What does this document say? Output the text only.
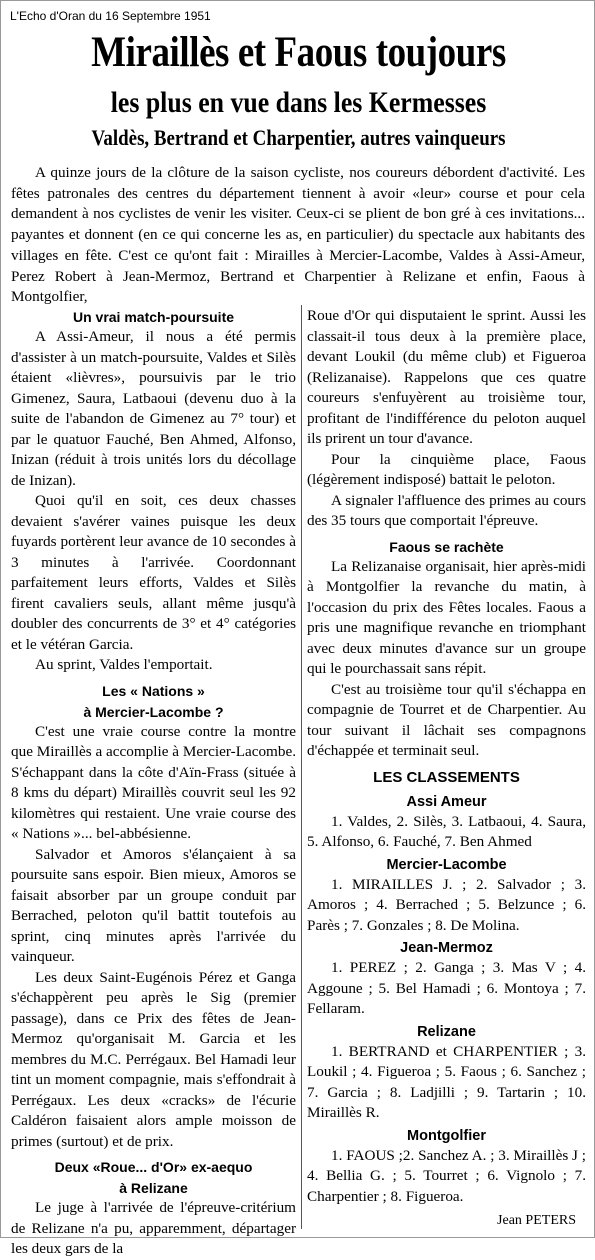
L'Echo d'Oran du 16 Septembre 1951
Miraillès et Faous toujours
les plus en vue dans les Kermesses
Valdès, Bertrand et Charpentier, autres vainqueurs
A quinze jours de la clôture de la saison cycliste, nos coureurs débordent d'activité. Les fêtes patronales des centres du département tiennent à avoir «leur» course et pour cela demandent à nos cyclistes de venir les visiter. Ceux-ci se plient de bon gré à ces invitations... payantes et donnent (en ce qui concerne les as, en particulier) du spectacle aux habitants des villages en fête. C'est ce qu'ont fait : Mirailles à Mercier-Lacombe, Valdes à Assi-Ameur, Perez Robert à Jean-Mermoz, Bertrand et Charpentier à Relizane et enfin, Faous à Montgolfier,
Un vrai match-poursuite

A Assi-Ameur, il nous a été permis d'assister à un match-poursuite, Valdes et Silès étaient «lièvres», poursuivis par le trio Gimenez, Saura, Latbaoui (devenu duo à la suite de l'abandon de Gimenez au 7° tour) et par le quatuor Fauché, Ben Ahmed, Alfonso, Inizan (réduit à trois unités lors du décollage de Inizan).

Quoi qu'il en soit, ces deux chasses devaient s'avérer vaines puisque les deux fuyards portèrent leur avance de 10 secondes à 3 minutes à l'arrivée. Coordonnant parfaitement leurs efforts, Valdes et Silès firent cavaliers seuls, allant même jusqu'à doubler des concurrents de 3° et 4° catégories et le vétéran Garcia.

Au sprint, Valdes l'emportait.

Les « Nations »
à Mercier-Lacombe ?

C'est une vraie course contre la montre que Miraillès a accomplie à Mercier-Lacombe. S'échappant dans la côte d'Aïn-Frass (située à 8 kms du départ) Miraillès couvrit seul les 92 kilomètres qui restaient. Une vraie course des « Nations »... bel-abbésienne.

Salvador et Amoros s'élançaient à sa poursuite sans espoir. Bien mieux, Amoros se faisait absorber par un groupe conduit par Berrached, peloton qu'il battit toutefois au sprint, cinq minutes après l'arrivée du vainqueur.

Les deux Saint-Eugénois Pérez et Ganga s'échappèrent peu après le Sig (premier passage), dans ce Prix des fêtes de Jean-Mermoz qu'organisait M. Garcia et les membres du M.C. Perrégaux. Bel Hamadi leur tint un moment compagnie, mais s'effondrait à Perrégaux. Les deux «cracks» de l'écurie Caldéron faisaient alors ample moisson de primes (surtout) et de prix.

Deux «Roue... d'Or» ex-aequo
à Relizane

Le juge à l'arrivée de l'épreuve-critérium de Relizane n'a pu, apparemment, départager les deux gars de la

Roue d'Or qui disputaient le sprint. Aussi les classait-il tous deux à la première place, devant Loukil (du même club) et Figueroa (Relizanaise). Rappelons que ces quatre coureurs s'enfuyèrent au troisième tour, profitant de l'indifférence du peloton auquel ils prirent un tour d'avance.

Pour la cinquième place, Faous (légèrement indisposé) battait le peloton.

A signaler l'affluence des primes au cours des 35 tours que comportait l'épreuve.

Faous se rachète

La Relizanaise organisait, hier après-midi à Montgolfier la revanche du matin, à l'occasion du prix des Fêtes locales. Faous a pris une magnifique revanche en triomphant avec deux minutes d'avance sur un groupe qui le pourchassait sans répit.

C'est au troisième tour qu'il s'échappa en compagnie de Tourret et de Charpentier. Au tour suivant il lâchait ses compagnons d'échappée et terminait seul.

LES CLASSEMENTS
Assi Ameur

1. Valdes, 2. Silès, 3. Latbaoui, 4. Saura, 5. Alfonso, 6. Fauché, 7. Ben Ahmed

Mercier-Lacombe

1. MIRAILLES J. ; 2. Salvador ; 3. Amoros ; 4. Berrached ; 5. Belzunce ; 6. Parès ; 7. Gonzales ; 8. De Molina.

Jean-Mermoz

1. PEREZ ; 2. Ganga ; 3. Mas V ; 4. Aggoune ; 5. Bel Hamadi ; 6. Montoya ; 7. Fellaram.

Relizane

1. BERTRAND et CHARPENTIER ; 3. Loukil ; 4. Figueroa ; 5. Faous ; 6. Sanchez ; 7. Garcia ; 8. Ladjilli ; 9. Tartarin ; 10. Miraillès R.

Montgolfier

1. FAOUS ;2. Sanchez A. ; 3. Miraillès J ; 4. Bellia G. ; 5. Tourret ; 6. Vignolo ; 7. Charpentier ; 8. Figueroa.

Jean PETERS
